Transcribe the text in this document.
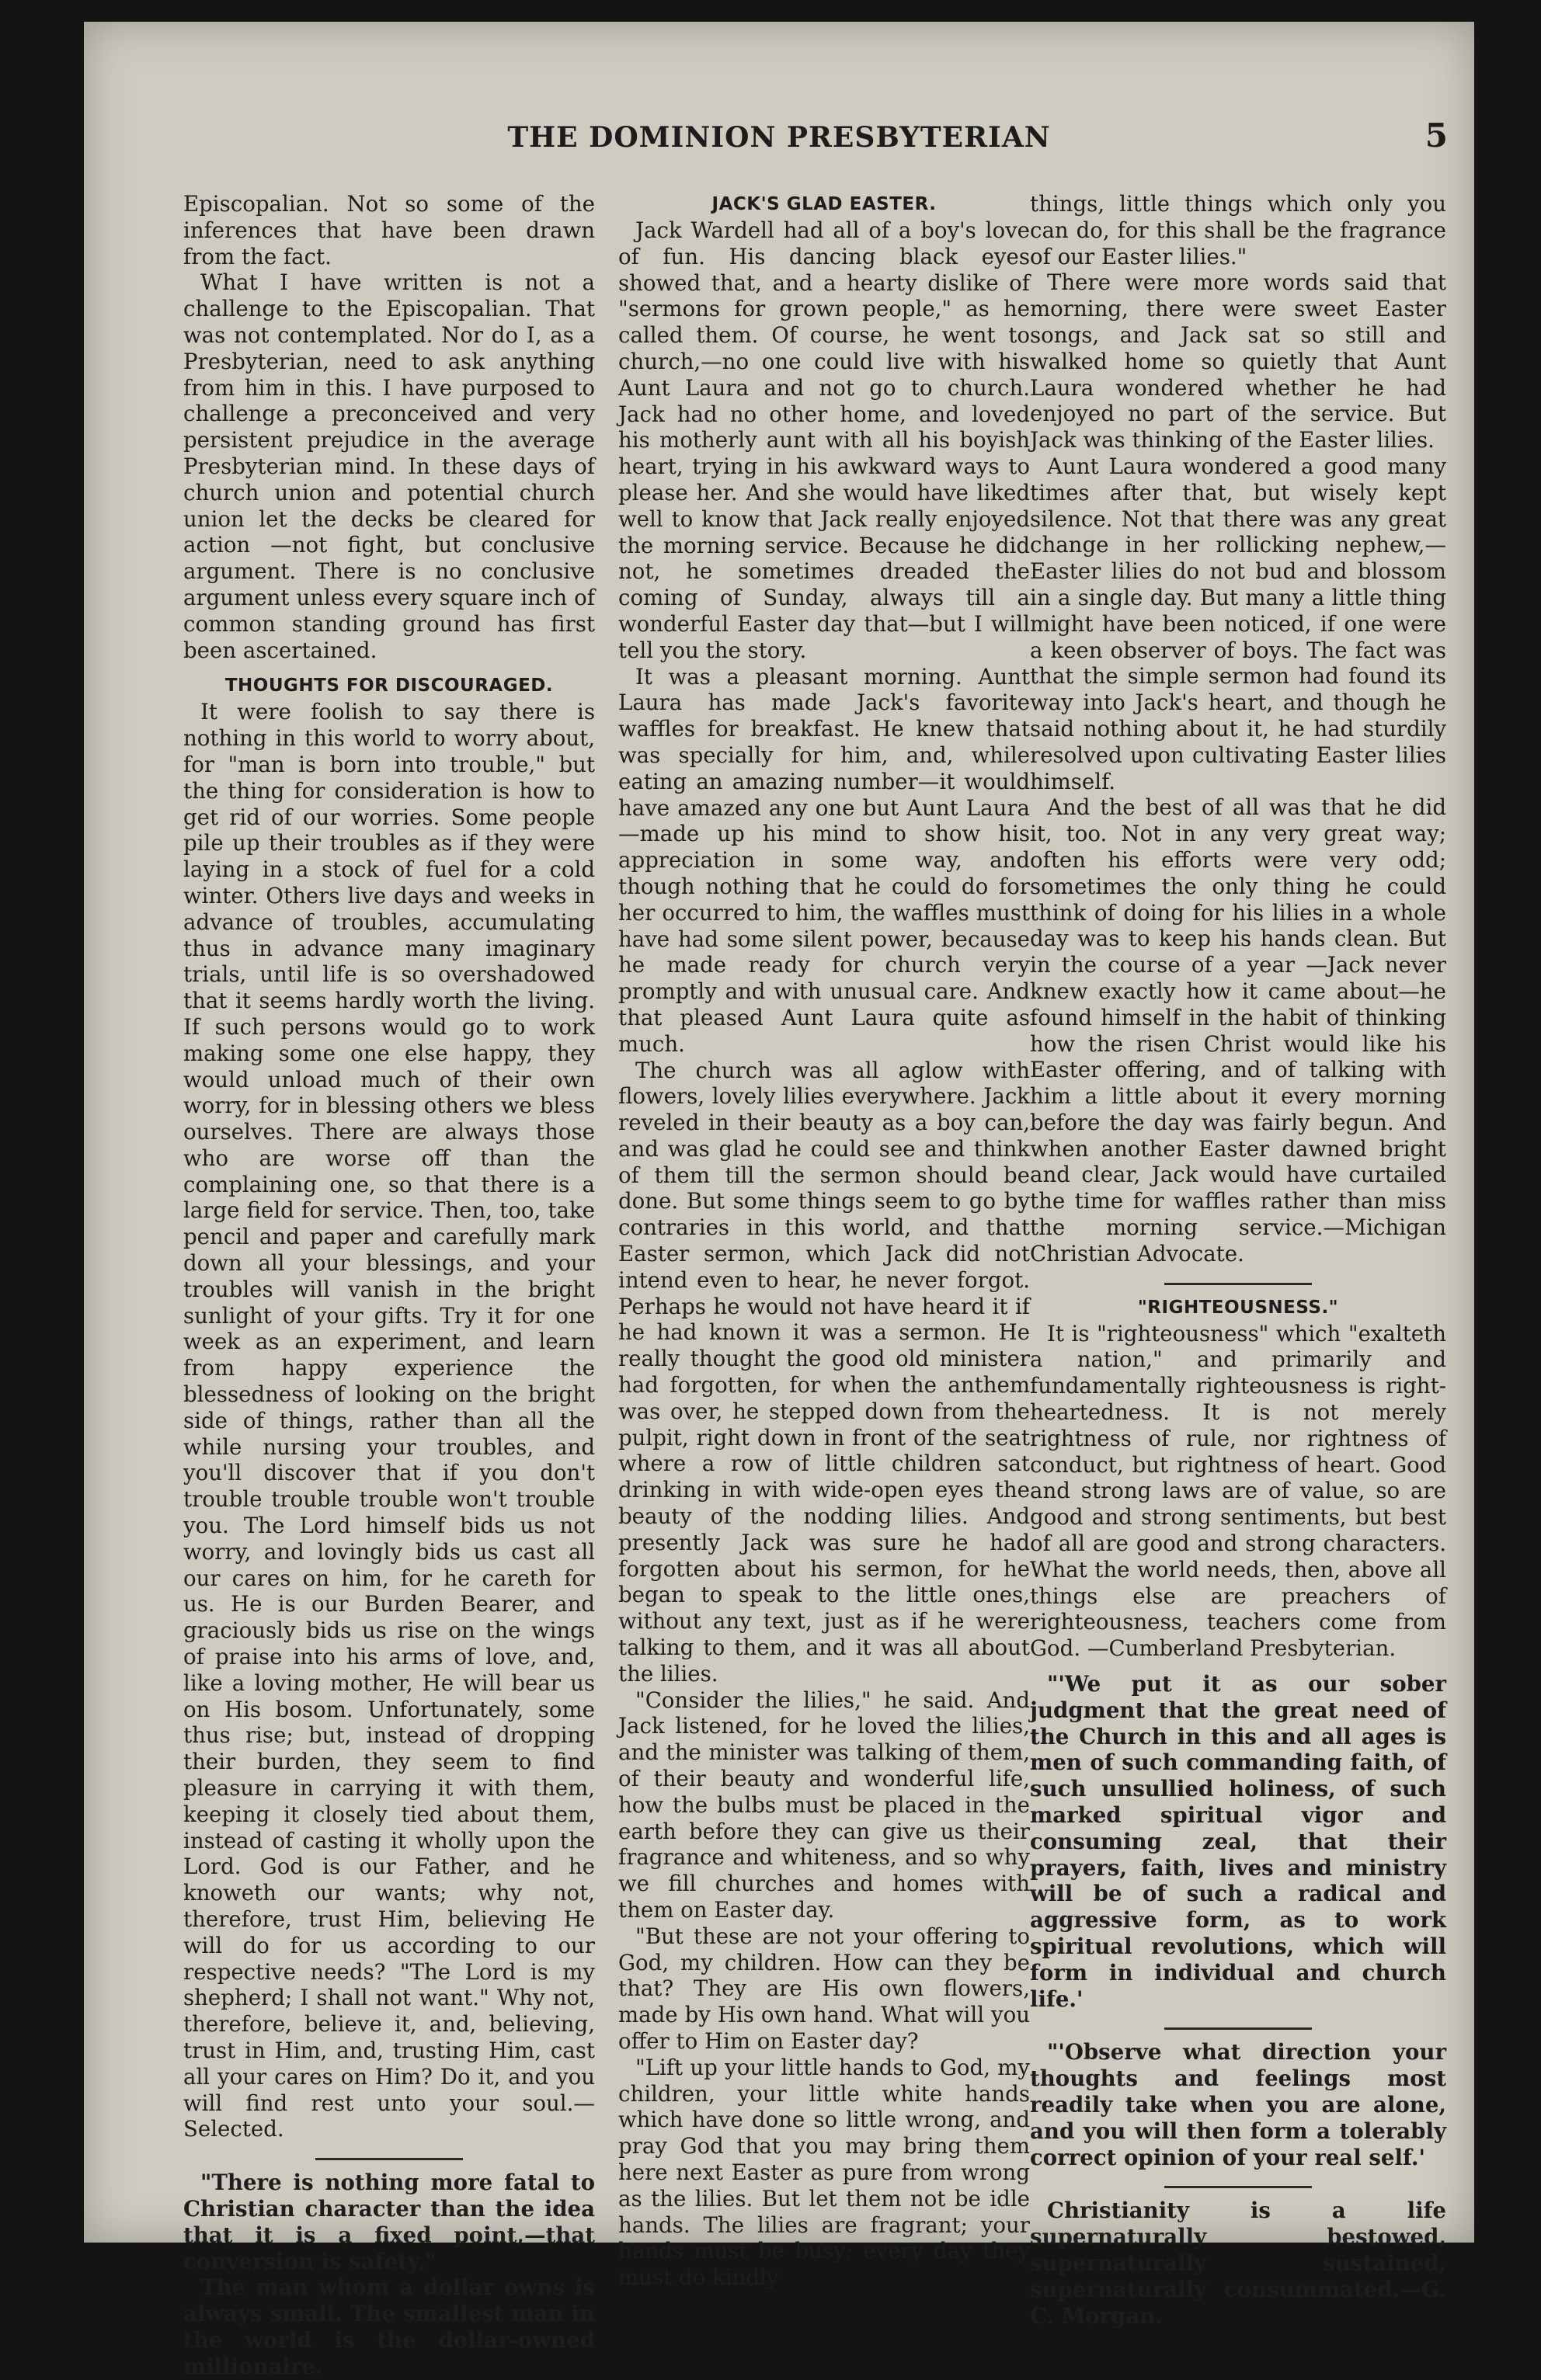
THE DOMINION PRESBYTERIAN	5

Episcopalian. Not so some of the inferences that have been drawn from the fact.

What I have written is not a challenge to the Episcopalian. That was not contemplated. Nor do I, as a Presbyterian, need to ask anything from him in this. I have purposed to challenge a preconceived and very persistent prejudice in the average Presbyterian mind. In these days of church union and potential church union let the decks be cleared for action —not fight, but conclusive argument. There is no conclusive argument unless every square inch of common standing ground has first been ascertained.

THOUGHTS FOR DISCOURAGED.

It were foolish to say there is nothing in this world to worry about, for "man is born into trouble," but the thing for consideration is how to get rid of our worries. Some people pile up their troubles as if they were laying in a stock of fuel for a cold winter. Others live days and weeks in advance of troubles, accumulating thus in advance many imaginary trials, until life is so overshadowed that it seems hardly worth the living. If such persons would go to work making some one else happy, they would unload much of their own worry, for in blessing others we bless ourselves. There are always those who are worse off than the complaining one, so that there is a large field for service. Then, too, take pencil and paper and carefully mark down all your blessings, and your troubles will vanish in the bright sunlight of your gifts. Try it for one week as an experiment, and learn from happy experience the blessedness of looking on the bright side of things, rather than all the while nursing your troubles, and you'll discover that if you don't trouble trouble trouble won't trouble you. The Lord himself bids us not worry, and lovingly bids us cast all our cares on him, for he careth for us. He is our Burden Bearer, and graciously bids us rise on the wings of praise into his arms of love, and, like a loving mother, He will bear us on His bosom. Unfortunately, some thus rise; but, instead of dropping their burden, they seem to find pleasure in carrying it with them, keeping it closely tied about them, instead of casting it wholly upon the Lord. God is our Father, and he knoweth our wants; why not, therefore, trust Him, believing He will do for us according to our respective needs? "The Lord is my shepherd; I shall not want." Why not, therefore, believe it, and, believing, trust in Him, and, trusting Him, cast all your cares on Him? Do it, and you will find rest unto your soul.—Selected.

"There is nothing more fatal to Christian character than the idea that it is a fixed point,—that conversion is safety."

The man whom a dollar owns is always small. The smallest man in the world is the dollar-owned millionaire.

JACK'S GLAD EASTER.

Jack Wardell had all of a boy's love of fun. His dancing black eyes showed that, and a hearty dislike of "sermons for grown people," as he called them. Of course, he went to church,—no one could live with his Aunt Laura and not go to church. Jack had no other home, and loved his motherly aunt with all his boyish heart, trying in his awkward ways to please her. And she would have liked well to know that Jack really enjoyed the morning service. Because he did not, he sometimes dreaded the coming of Sunday, always till a wonderful Easter day that—but I will tell you the story.

It was a pleasant morning. Aunt Laura has made Jack's favorite waffles for breakfast. He knew that was specially for him, and, while eating an amazing number—it would have amazed any one but Aunt Laura—made up his mind to show his appreciation in some way, and though nothing that he could do for her occurred to him, the waffles must have had some silent power, because he made ready for church very promptly and with unusual care. And that pleased Aunt Laura quite as much.

The church was all aglow with flowers, lovely lilies everywhere. Jack reveled in their beauty as a boy can, and was glad he could see and think of them till the sermon should be done. But some things seem to go by contraries in this world, and that Easter sermon, which Jack did not intend even to hear, he never forgot. Perhaps he would not have heard it if he had known it was a sermon. He really thought the good old minister had forgotten, for when the anthem was over, he stepped down from the pulpit, right down in front of the seat where a row of little children sat drinking in with wide-open eyes the beauty of the nodding lilies. And presently Jack was sure he had forgotten about his sermon, for he began to speak to the little ones, without any text, just as if he were talking to them, and it was all about the lilies.

"Consider the lilies," he said. And Jack listened, for he loved the lilies, and the minister was talking of them, of their beauty and wonderful life, how the bulbs must be placed in the earth before they can give us their fragrance and whiteness, and so why we fill churches and homes with them on Easter day.

"But these are not your offering to God, my children. How can they be that? They are His own flowers, made by His own hand. What will you offer to Him on Easter day?

"Lift up your little hands to God, my children, your little white hands which have done so little wrong, and pray God that you may bring them here next Easter as pure from wrong as the lilies. But let them not be idle hands. The lilies are fragrant; your hands must be busy; every day they must do kindly

things, little things which only you can do, for this shall be the fragrance of our Easter lilies."

There were more words said that morning, there were sweet Easter songs, and Jack sat so still and walked home so quietly that Aunt Laura wondered whether he had enjoyed no part of the service. But Jack was thinking of the Easter lilies.

Aunt Laura wondered a good many times after that, but wisely kept silence. Not that there was any great change in her rollicking nephew,—Easter lilies do not bud and blossom in a single day. But many a little thing might have been noticed, if one were a keen observer of boys. The fact was that the simple sermon had found its way into Jack's heart, and though he said nothing about it, he had sturdily resolved upon cultivating Easter lilies himself.

And the best of all was that he did it, too. Not in any very great way; often his efforts were very odd; sometimes the only thing he could think of doing for his lilies in a whole day was to keep his hands clean. But in the course of a year —Jack never knew exactly how it came about—he found himself in the habit of thinking how the risen Christ would like his Easter offering, and of talking with him a little about it every morning before the day was fairly begun. And when another Easter dawned bright and clear, Jack would have curtailed the time for waffles rather than miss the morning service.—Michigan Christian Advocate.

"RIGHTEOUSNESS."

It is "righteousness" which "exalteth a nation," and primarily and fundamentally righteousness is right-heartedness. It is not merely rightness of rule, nor rightness of conduct, but rightness of heart. Good and strong laws are of value, so are good and strong sentiments, but best of all are good and strong characters. What the world needs, then, above all things else are preachers of righteousness, teachers come from God. —Cumberland Presbyterian.

"'We put it as our sober judgment that the great need of the Church in this and all ages is men of such commanding faith, of such unsullied holiness, of such marked spiritual vigor and consuming zeal, that their prayers, faith, lives and ministry will be of such a radical and aggressive form, as to work spiritual revolutions, which will form in individual and church life.'

"'Observe what direction your thoughts and feelings most readily take when you are alone, and you will then form a tolerably correct opinion of your real self.'

Christianity is a life supernaturally bestowed, supernaturally sustained, supernaturally consummated.—G. C. Morgan.
